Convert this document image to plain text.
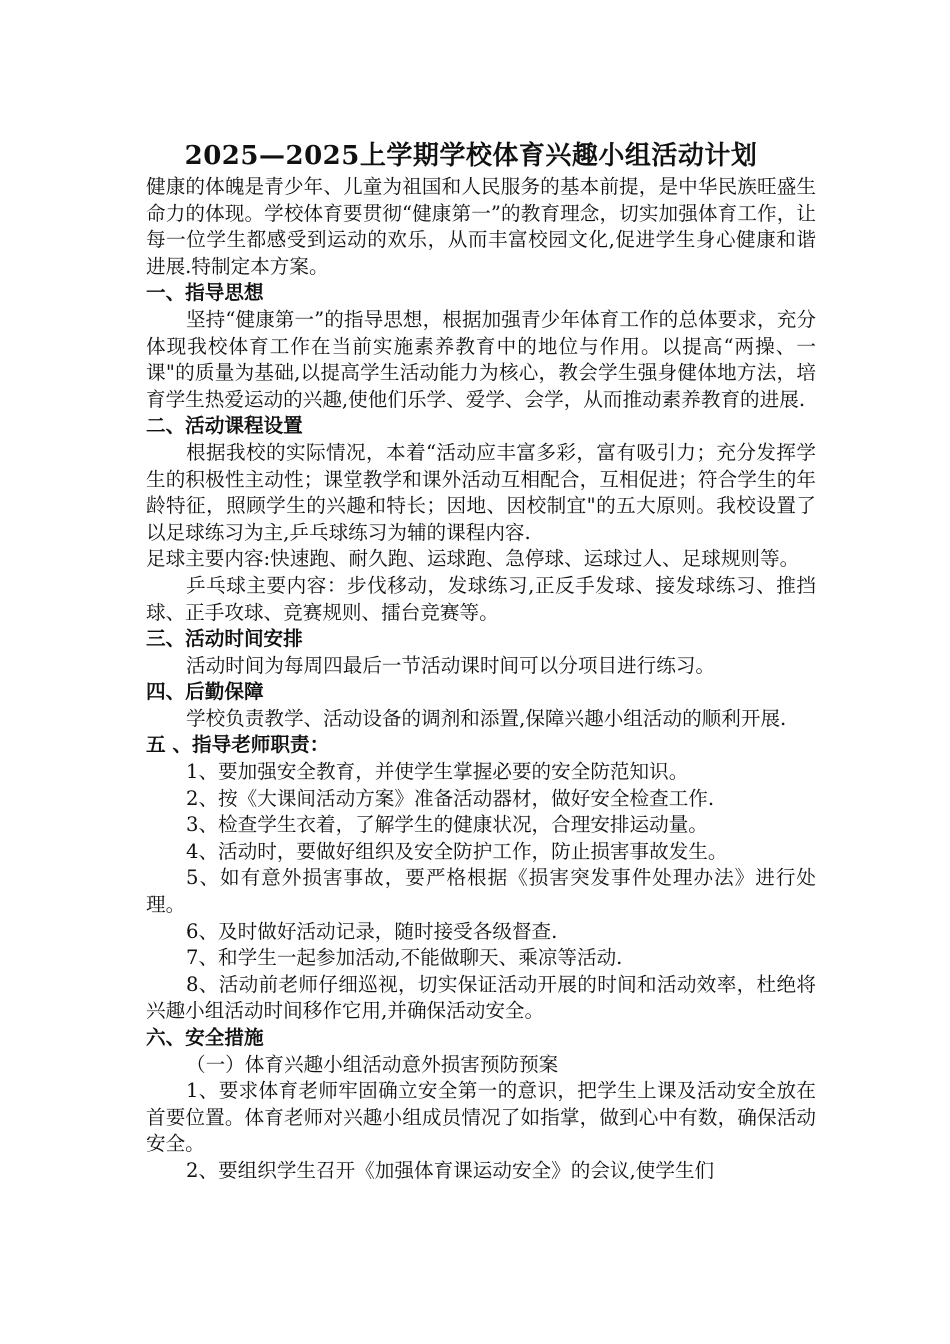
2025—2025上学期学校体育兴趣小组活动计划

健康的体魄是青少年、儿童为祖国和人民服务的基本前提，是中华民族旺盛生命力的体现。学校体育要贯彻“健康第一”的教育理念，切实加强体育工作，让每一位学生都感受到运动的欢乐，从而丰富校园文化,促进学生身心健康和谐进展.特制定本方案。

一、指导思想

坚持“健康第一”的指导思想，根据加强青少年体育工作的总体要求，充分体现我校体育工作在当前实施素养教育中的地位与作用。以提高“两操、一课"的质量为基础,以提高学生活动能力为核心，教会学生强身健体地方法，培育学生热爱运动的兴趣,使他们乐学、爱学、会学，从而推动素养教育的进展.

二、活动课程设置

根据我校的实际情况，本着“活动应丰富多彩，富有吸引力；充分发挥学生的积极性主动性；课堂教学和课外活动互相配合，互相促进；符合学生的年龄特征，照顾学生的兴趣和特长；因地、因校制宜"的五大原则。我校设置了以足球练习为主,乒乓球练习为辅的课程内容.

足球主要内容:快速跑、耐久跑、运球跑、急停球、运球过人、足球规则等。

乒乓球主要内容：步伐移动，发球练习,正反手发球、接发球练习、推挡球、正手攻球、竞赛规则、擂台竞赛等。

三、活动时间安排

活动时间为每周四最后一节活动课时间可以分项目进行练习。

四、后勤保障

学校负责教学、活动设备的调剂和添置,保障兴趣小组活动的顺利开展.

五 、指导老师职责：

1、要加强安全教育，并使学生掌握必要的安全防范知识。

2、按《大课间活动方案》准备活动器材，做好安全检查工作.

3、检查学生衣着，了解学生的健康状况，合理安排运动量。

4、活动时，要做好组织及安全防护工作，防止损害事故发生。

5、如有意外损害事故，要严格根据《损害突发事件处理办法》进行处理。

6、及时做好活动记录，随时接受各级督查.

7、和学生一起参加活动,不能做聊天、乘凉等活动.

8、活动前老师仔细巡视，切实保证活动开展的时间和活动效率，杜绝将兴趣小组活动时间移作它用,并确保活动安全。

六、安全措施

（一）体育兴趣小组活动意外损害预防预案

1、要求体育老师牢固确立安全第一的意识，把学生上课及活动安全放在首要位置。体育老师对兴趣小组成员情况了如指掌，做到心中有数，确保活动安全。

2、要组织学生召开《加强体育课运动安全》的会议,使学生们
